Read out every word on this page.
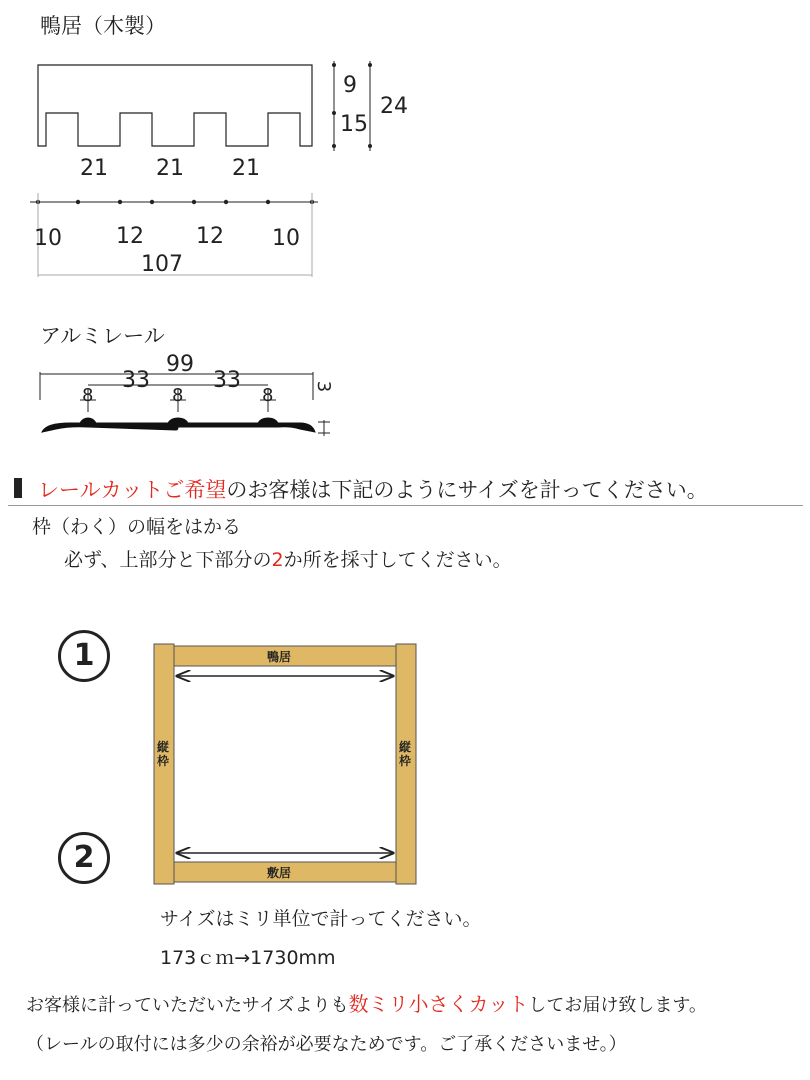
鴨居（木製）
9
15
24
21 21 21
10 12 12 10
107
アルミレール
99
33	33
8	8	8 3
レールカットご希望のお客様は下記のようにサイズを計ってください。
枠（わく）の幅をはかる
必ず、上部分と下部分の2か所を採寸してください。
1
2
鴨居
敷居
縦枠
縦枠
サイズはミリ単位で計ってください。
173ｃｍ→1730mm
お客様に計っていただいたサイズよりも数ミリ小さくカットしてお届け致します。
（レールの取付には多少の余裕が必要なためです。ご了承くださいませ。）
